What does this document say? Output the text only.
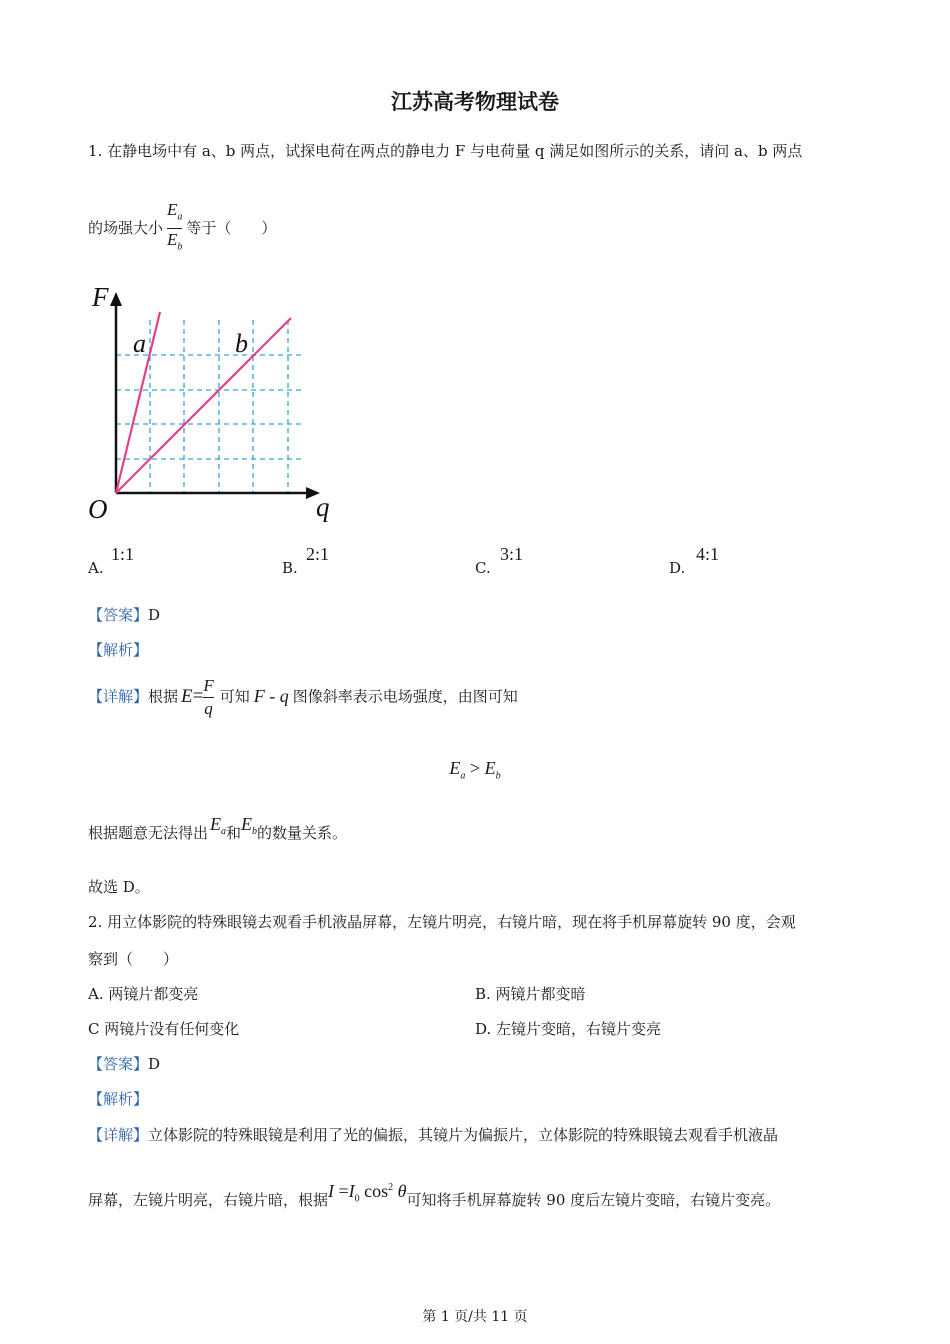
江苏高考物理试卷
1. 在静电场中有 a、b 两点，试探电荷在两点的静电力 F 与电荷量 q 满足如图所示的关系，请问 a、b 两点
的场强大小 $\frac{E_a}{E_b}$ 等于（　　）
F
q
O
a	b
A.
1:1
B.
2:1
C.
3:1
D.
4:1
【答案】D
【解析】
【详解】根据 $E= \frac{F}{q}$ 可知 F - q 图像斜率表示电场强度，由图可知
$E_a > E_b$
根据题意无法得出 $E_a$和$E_b$的数量关系。
故选 D。
2. 用立体影院的特殊眼镜去观看手机液晶屏幕，左镜片明亮，右镜片暗，现在将手机屏幕旋转 90 度，会观
察到（　　）
A. 两镜片都变亮	B. 两镜片都变暗
C 两镜片没有任何变化	D. 左镜片变暗，右镜片变亮
【答案】D
【解析】
【详解】立体影院的特殊眼镜是利用了光的偏振，其镜片为偏振片，立体影院的特殊眼镜去观看手机液晶
屏幕，左镜片明亮，右镜片暗，根据$I =I_0$ $\cos^2 \theta$可知将手机屏幕旋转 90 度后左镜片变暗，右镜片变亮。
第 1 页/共 11 页
